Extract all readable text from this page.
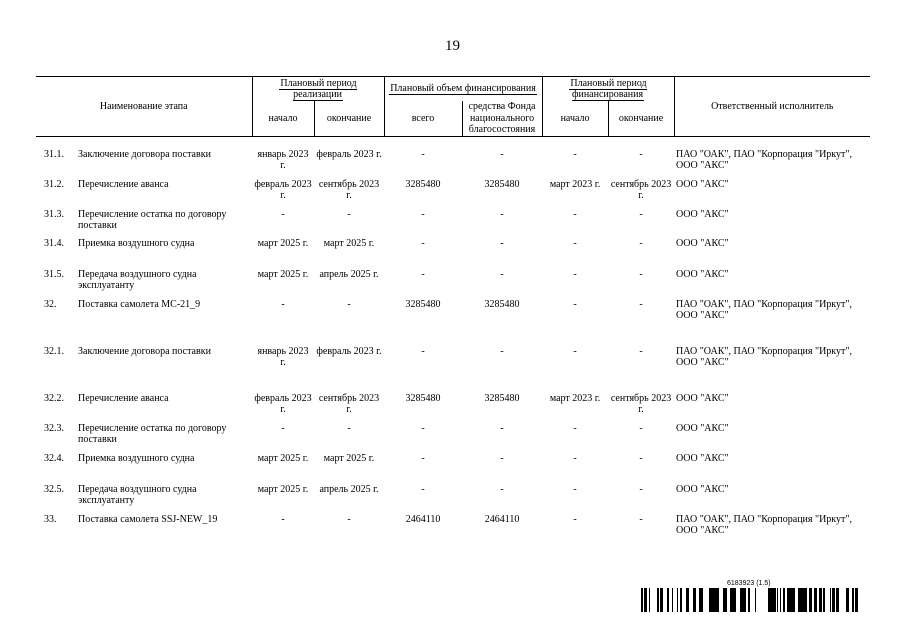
19
Наименование этапа		Плановый период реализации		Плановый объем финансирования		Плановый период финансирования		Ответственный исполнитель
		начало	окончание	всего	средства Фонда национального благосостояния	начало	окончание	

31.1.	Заключение договора поставки	январь 2023 г.	февраль 2023 г.	-	-	-	-	ПАО "ОАК", ПАО "Корпорация "Иркут", ООО "АКС"
31.2.	Перечисление аванса	февраль 2023 г.	сентябрь 2023 г.	3285480	3285480	март 2023 г.	сентябрь 2023 г.	ООО "АКС"
31.3.	Перечисление остатка по договору поставки	-	-	-	-	-	-	ООО "АКС"
31.4.	Приемка воздушного судна	март 2025 г.	март 2025 г.	-	-	-	-	ООО "АКС"
31.5.	Передача воздушного судна эксплуатанту	март 2025 г.	апрель 2025 г.	-	-	-	-	ООО "АКС"
32.	Поставка самолета МС-21_9	-	-	3285480	3285480	-	-	ПАО "ОАК", ПАО "Корпорация "Иркут", ООО "АКС"
32.1.	Заключение договора поставки	январь 2023 г.	февраль 2023 г.	-	-	-	-	ПАО "ОАК", ПАО "Корпорация "Иркут", ООО "АКС"
32.2.	Перечисление аванса	февраль 2023 г.	сентябрь 2023 г.	3285480	3285480	март 2023 г.	сентябрь 2023 г.	ООО "АКС"
32.3.	Перечисление остатка по договору поставки	-	-	-	-	-	-	ООО "АКС"
32.4.	Приемка воздушного судна	март 2025 г.	март 2025 г.	-	-	-	-	ООО "АКС"
32.5.	Передача воздушного судна эксплуатанту	март 2025 г.	апрель 2025 г.	-	-	-	-	ООО "АКС"
33.	Поставка самолета SSJ-NEW_19	-	-	2464110	2464110	-	-	ПАО "ОАК", ПАО "Корпорация "Иркут", ООО "АКС"
6183923 (1.5)
